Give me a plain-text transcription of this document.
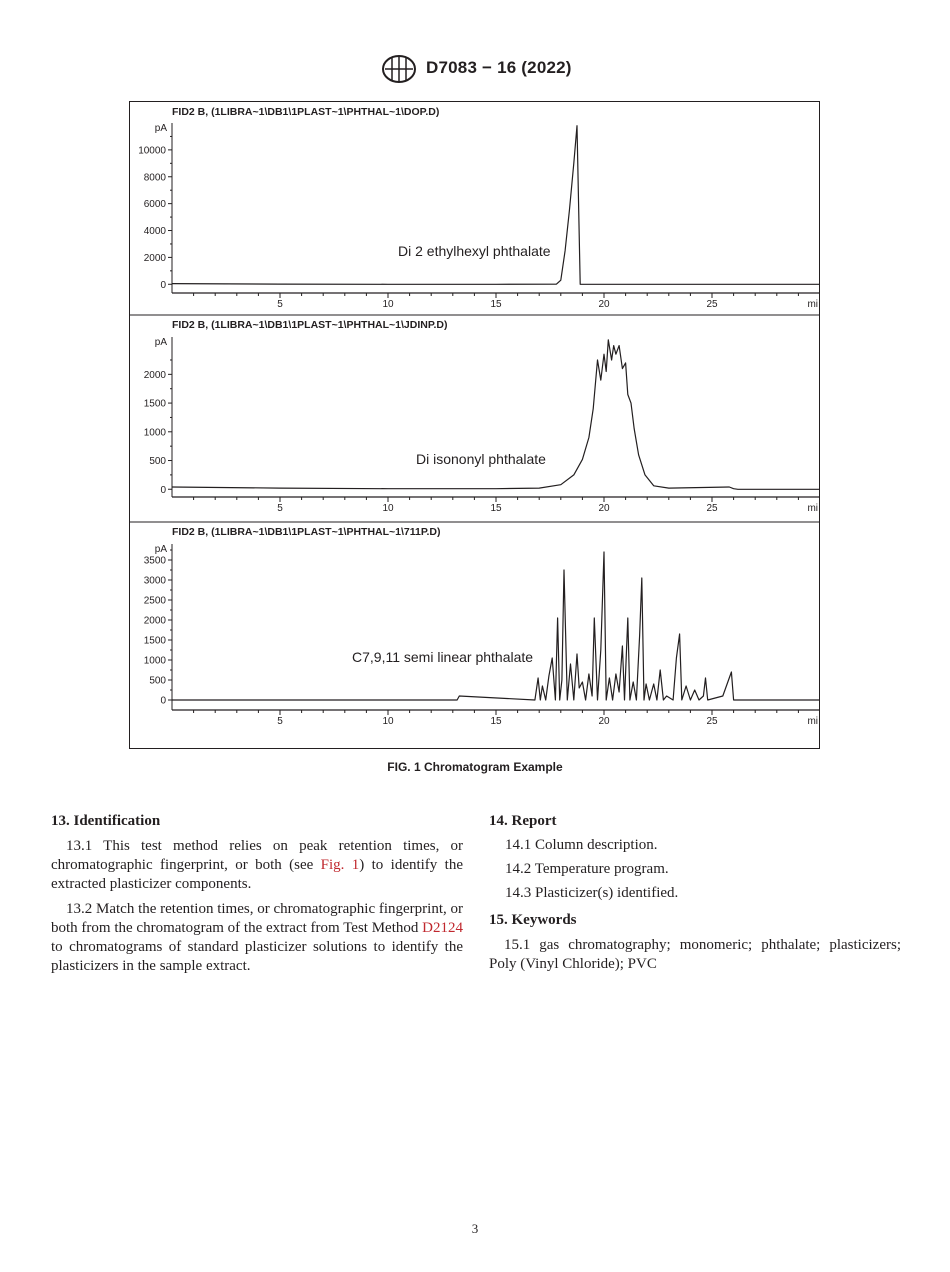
D7083 − 16 (2022)
FID2 B, (1LIBRA~1\DB1\1PLAST~1\PHTHAL~1\DOP.D)
pA
0
2000
4000
6000
8000
10000
5	10	15	20	25	mi
Di 2 ethylhexyl phthalate
FID2 B, (1LIBRA~1\DB1\1PLAST~1\PHTHAL~1\JDINP.D)
pA
0
500
1000
1500
2000
5	10	15	20	25	mi
Di isononyl phthalate
FID2 B, (1LIBRA~1\DB1\1PLAST~1\PHTHAL~1\711P.D)
pA
0
500
1000
1500
2000
2500
3000
3500
5	10	15	20	25	mi
C7,9,11 semi linear phthalate
FIG. 1 Chromatogram Example
13. Identification

13.1 This test method relies on peak retention times, or chromatographic fingerprint, or both (see Fig. 1) to identify the extracted plasticizer components.

13.2 Match the retention times, or chromatographic fingerprint, or both from the chromatogram of the extract from Test Method D2124 to chromatograms of standard plasticizer solutions to identify the plasticizers in the sample extract.

14. Report

14.1 Column description.

14.2 Temperature program.

14.3 Plasticizer(s) identified.

15. Keywords

15.1 gas chromatography; monomeric; phthalate; plasticizers; Poly (Vinyl Chloride); PVC

3
